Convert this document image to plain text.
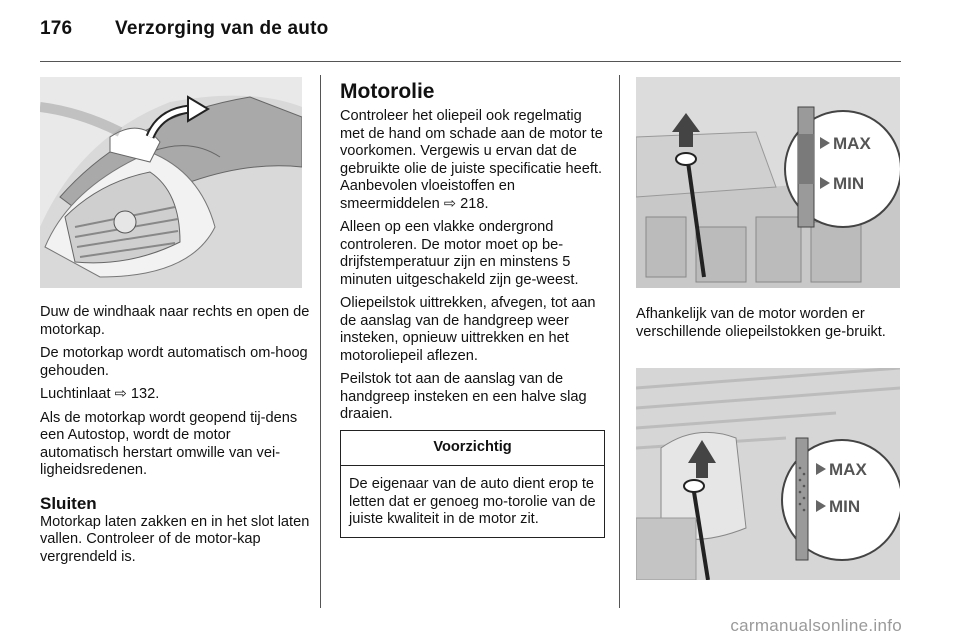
176 Verzorging van de auto

Duw de windhaak naar rechts en open de motorkap.

De motorkap wordt automatisch om-hoog gehouden.

Luchtinlaat ⇨ 132.

Als de motorkap wordt geopend tij-dens een Autostop, wordt de motor automatisch herstart omwille van vei-ligheidsredenen.

Sluiten

Motorkap laten zakken en in het slot laten vallen. Controleer of de motor-kap vergrendeld is.

Motorolie

Controleer het oliepeil ook regelmatig met de hand om schade aan de motor te voorkomen. Vergewis u ervan dat de gebruikte olie de juiste specificatie heeft. Aanbevolen vloeistoffen en smeermiddelen ⇨ 218.

Alleen op een vlakke ondergrond controleren. De motor moet op be-drijfstemperatuur zijn en minstens 5 minuten uitgeschakeld zijn ge-weest.

Oliepeilstok uittrekken, afvegen, tot aan de aanslag van de handgreep weer insteken, opnieuw uittrekken en het motoroliepeil aflezen.

Peilstok tot aan de aanslag van de handgreep insteken en een halve slag draaien.

Voorzichtig
De eigenaar van de auto dient erop te letten dat er genoeg mo-torolie van de juiste kwaliteit in de motor zit.
MAX
MIN

Afhankelijk van de motor worden er verschillende oliepeilstokken ge-bruikt.

MAX
MIN
carmanualsonline.info
